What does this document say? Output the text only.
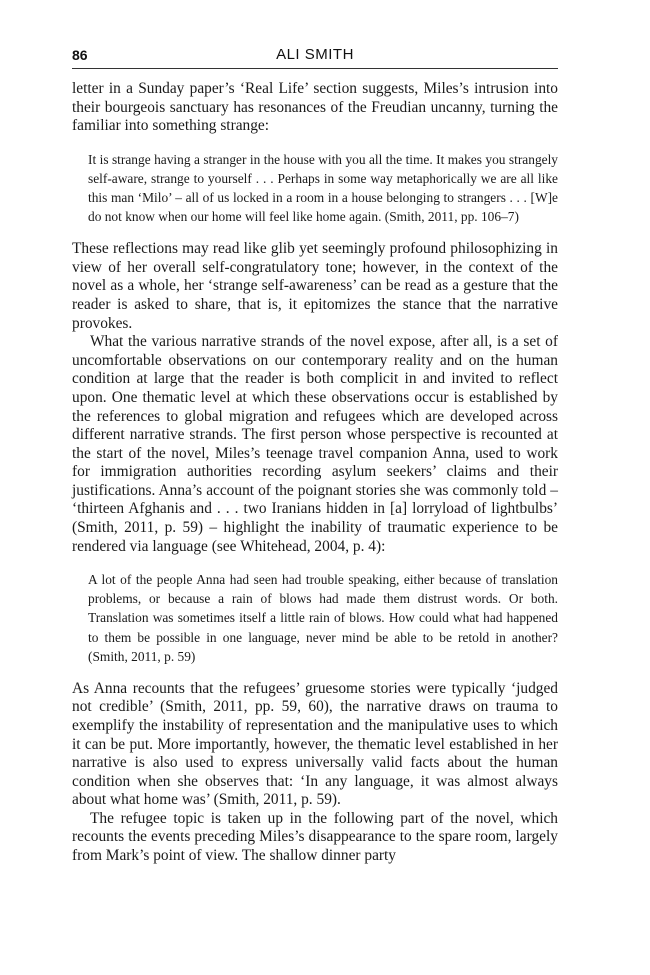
86	ALI SMITH

letter in a Sunday paper’s ‘Real Life’ section suggests, Miles’s intrusion into their bourgeois sanctuary has resonances of the Freudian uncanny, turning the familiar into something strange:

It is strange having a stranger in the house with you all the time. It makes you strangely self-aware, strange to yourself . . . Perhaps in some way metaphorically we are all like this man ‘Milo’ – all of us locked in a room in a house belonging to strangers . . . [W]e do not know when our home will feel like home again. (Smith, 2011, pp. 106–7)

These reflections may read like glib yet seemingly profound philosophizing in view of her overall self-congratulatory tone; however, in the context of the novel as a whole, her ‘strange self-awareness’ can be read as a gesture that the reader is asked to share, that is, it epitomizes the stance that the narrative provokes.

What the various narrative strands of the novel expose, after all, is a set of uncomfortable observations on our contemporary reality and on the human condition at large that the reader is both complicit in and invited to reflect upon. One thematic level at which these observations occur is established by the references to global migration and refugees which are developed across different narrative strands. The first person whose perspective is recounted at the start of the novel, Miles’s teenage travel companion Anna, used to work for immigration authorities recording asylum seekers’ claims and their justifications. Anna’s account of the poignant stories she was commonly told – ‘thirteen Afghanis and . . . two Iranians hidden in [a] lorryload of lightbulbs’ (Smith, 2011, p. 59) – highlight the inability of traumatic experience to be rendered via language (see Whitehead, 2004, p. 4):

A lot of the people Anna had seen had trouble speaking, either because of translation problems, or because a rain of blows had made them distrust words. Or both. Translation was sometimes itself a little rain of blows. How could what had happened to them be possible in one language, never mind be able to be retold in another? (Smith, 2011, p. 59)

As Anna recounts that the refugees’ gruesome stories were typically ‘judged not credible’ (Smith, 2011, pp. 59, 60), the narrative draws on trauma to exemplify the instability of representation and the manipulative uses to which it can be put. More importantly, however, the thematic level established in her narrative is also used to express universally valid facts about the human condition when she observes that: ‘In any language, it was almost always about what home was’ (Smith, 2011, p. 59).

The refugee topic is taken up in the following part of the novel, which recounts the events preceding Miles’s disappearance to the spare room, largely from Mark’s point of view. The shallow dinner party
